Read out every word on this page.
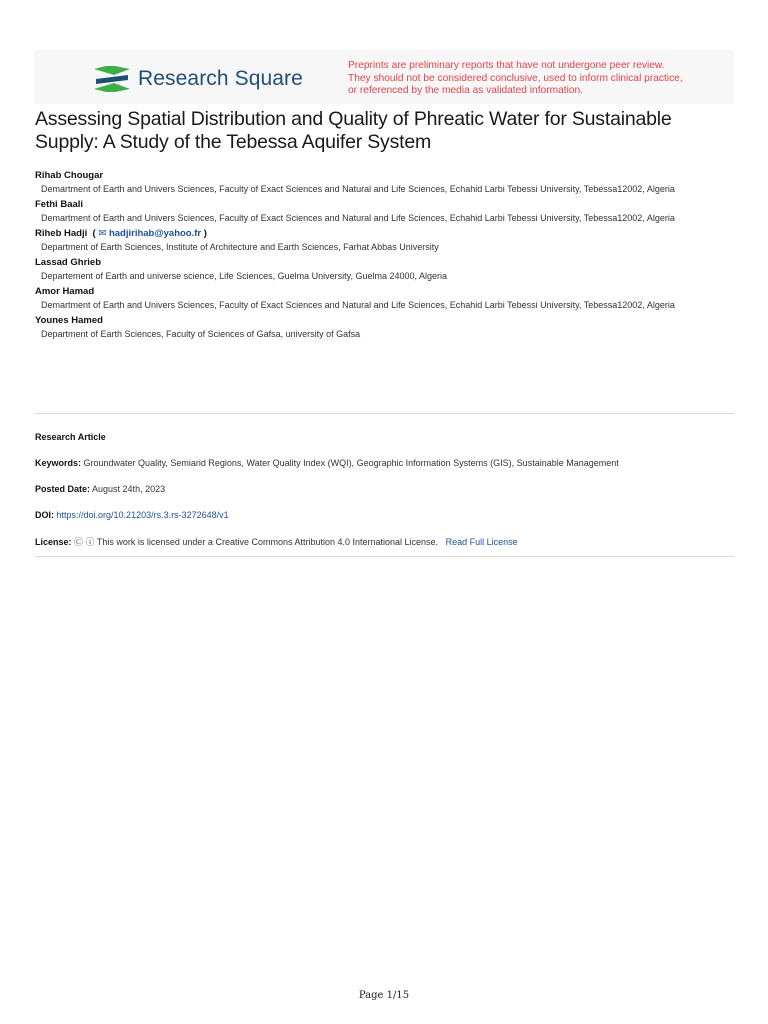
Research Square
Preprints are preliminary reports that have not undergone peer review.
They should not be considered conclusive, used to inform clinical practice,
or referenced by the media as validated information.
Assessing Spatial Distribution and Quality of Phreatic Water for Sustainable
Supply: A Study of the Tebessa Aquifer System
Rihab Chougar
Demartment of Earth and Univers Sciences, Faculty of Exact Sciences and Natural and Life Sciences, Echahid Larbi Tebessi University, Tebessa12002, Algeria
Fethi Baali
Demartment of Earth and Univers Sciences, Faculty of Exact Sciences and Natural and Life Sciences, Echahid Larbi Tebessi University, Tebessa12002, Algeria
Riheb Hadji  ( ✉ hadjirihab@yahoo.fr )
Department of Earth Sciences, Institute of Architecture and Earth Sciences, Farhat Abbas University
Lassad Ghrieb
Departement of Earth and universe science, Life Sciences, Guelma University, Guelma 24000, Algeria
Amor Hamad
Demartment of Earth and Univers Sciences, Faculty of Exact Sciences and Natural and Life Sciences, Echahid Larbi Tebessi University, Tebessa12002, Algeria
Younes Hamed
Department of Earth Sciences, Faculty of Sciences of Gafsa, university of Gafsa
Research Article
Keywords: Groundwater Quality, Semiarid Regions, Water Quality Index (WQI), Geographic Information Systems (GIS), Sustainable Management
Posted Date: August 24th, 2023
DOI: https://doi.org/10.21203/rs.3.rs-3272648/v1
License: Ⓒ ⓘ This work is licensed under a Creative Commons Attribution 4.0 International License. Read Full License
Page 1/15
